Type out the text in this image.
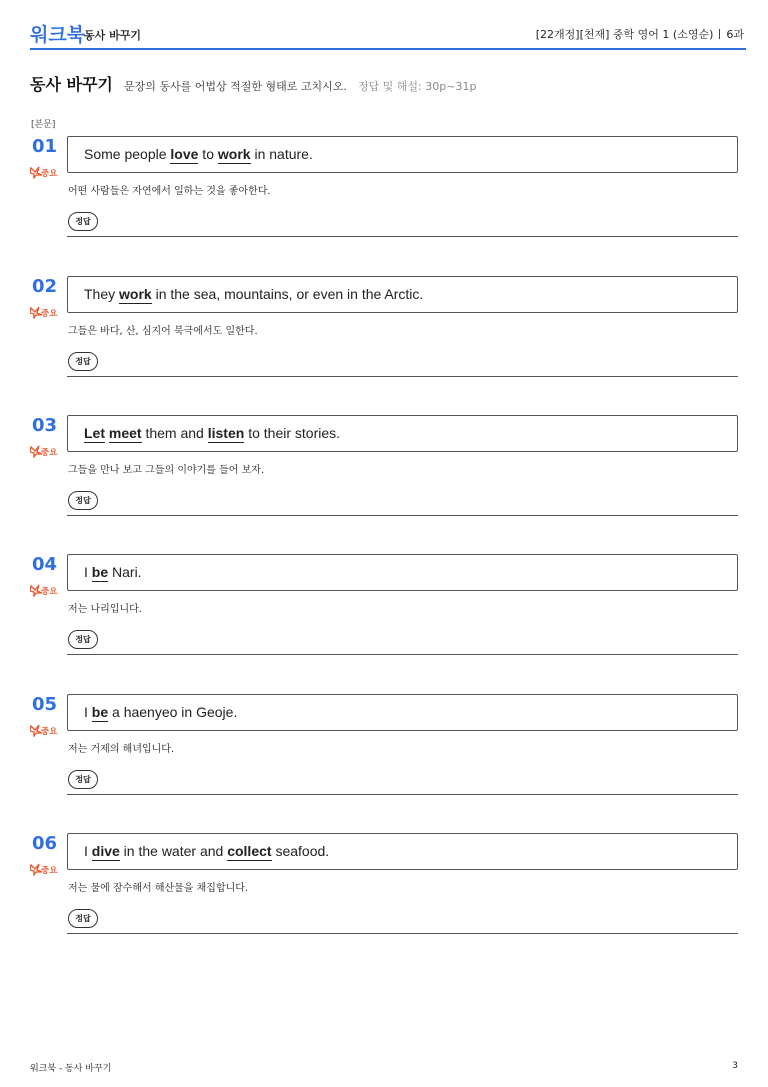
워크북
동사 바꾸기	[22개정][천재] 중학 영어 1 (소영순) 6과
동사 바꾸기 문장의 동사를 어법상 적절한 형태로 고치시오. 정답 및 해설: 30p~31p
[본문]
01
중요
Some people love to work in nature.
어떤 사람들은 자연에서 일하는 것을 좋아한다.
정답
02
중요
They work in the sea, mountains, or even in the Arctic.
그들은 바다, 산, 심지어 북극에서도 일한다.
정답
03
중요
Let meet them and listen to their stories.
그들을 만나 보고 그들의 이야기를 들어 보자.
정답
04
중요
I be Nari.
저는 나리입니다.
정답
05
중요
I be a haenyeo in Geoje.
저는 거제의 해녀입니다.
정답
06
중요
I dive in the water and collect seafood.
저는 물에 잠수해서 해산물을 채집합니다.
정답
워크북 - 동사 바꾸기	3
